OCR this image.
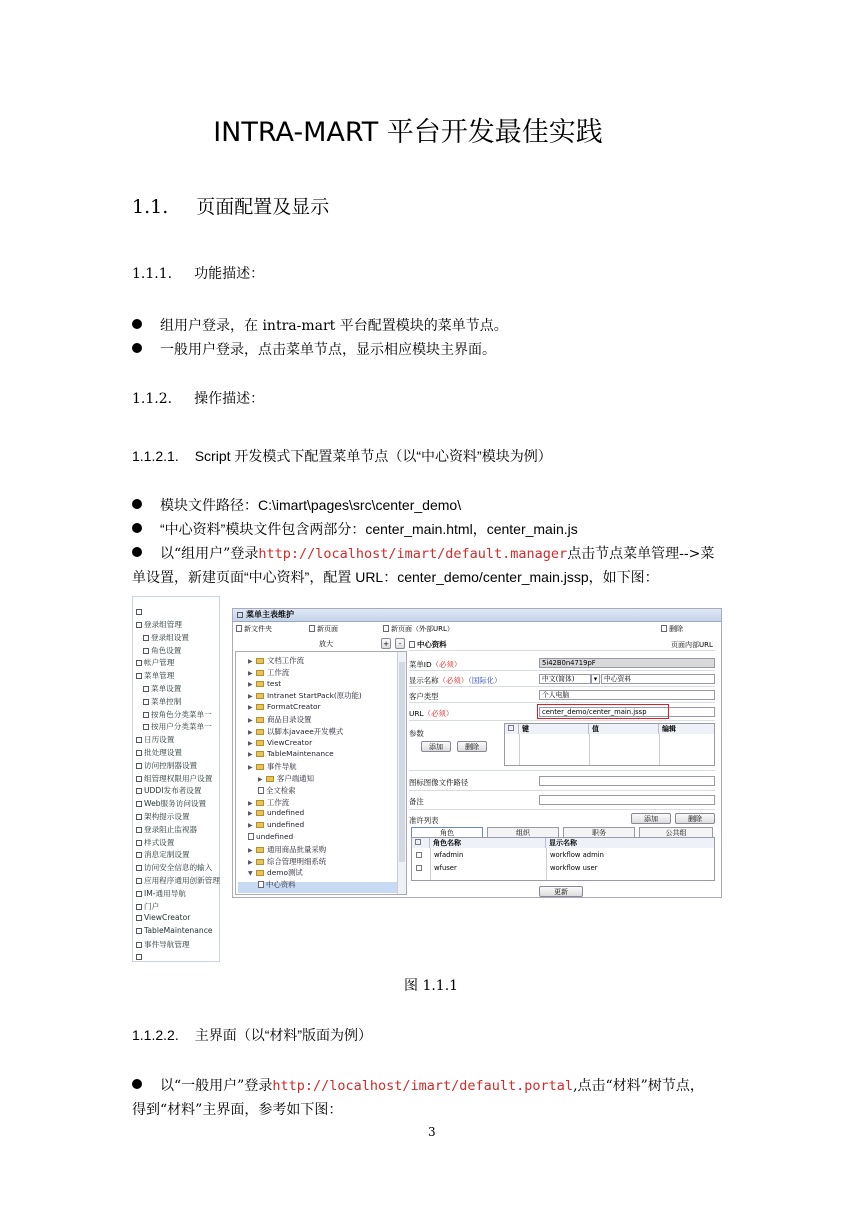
INTRA-MART 平台开发最佳实践
1.1. 页面配置及显示
1.1.1. 功能描述：
组用户登录，在 intra-mart 平台配置模块的菜单节点。
一般用户登录，点击菜单节点，显示相应模块主界面。
1.1.2. 操作描述：
1.1.2.1. Script 开发模式下配置菜单节点（以“中心资料”模块为例）
模块文件路径：C:\imart\pages\src\center_demo\
“中心资料”模块文件包含两部分：center_main.html，center_main.js
以“组用户”登录http://localhost/imart/default.manager点击节点菜单管理-->菜
单设置，新建页面“中心资料”，配置 URL：center_demo/center_main.jssp，如下图：
登录组管理
登录组设置
角色设置
帐户管理
菜单管理
菜单设置
菜单控制
按角色分类菜单一
按用户分类菜单一
日历设置
批处理设置
访问控制器设置
组管理权限用户设置
UDDI发布者设置
Web服务访问设置
架构提示设置
登录阻止监视器
样式设置
消息定制设置
访问安全信息的输入
应用程序通用创新管理
IM-通用导航
门户
ViewCreator
TableMaintenance
事件导航管理
菜单主表维护
新文件夹	新页面	新页面（外部URL）	删除
放大	+	-
▶ 文档工作流
▶ 工作流
▶ test
▶ Intranet StartPack(原功能)
▶ FormatCreator
▶ 商品目录设置
▶ 以脚本javaee开发模式
▶ ViewCreator
▶ TableMaintenance
▶ 事件导航
▶ 客户端通知
全文检索
▶ 工作流
▶ undefined
▶ undefined
undefined
▶ 通用商品批量采购
▶ 综合管理明细系统
▼ demo测试
中心资料
中心资料	页面内部URL
菜单ID（必须）	5i42B0n4719pF
显示名称（必须）（国际化）	中文(简体)	▾ 中心资料
客户类型	个人电脑
URL（必须）	center_demo/center_main.jssp
参数
添加	删除
键	值	编辑
图标图像文件路径
备注
准许列表	添加	删除
角色	组织	职务	公共组
角色名称	显示名称
wfadmin	workflow admin
wfuser	workflow user
更新
图 1.1.1
1.1.2.2. 主界面（以“材料”版面为例）
以“一般用户”登录http://localhost/imart/default.portal,点击“材料”树节点，
得到“材料”主界面，参考如下图：
3
